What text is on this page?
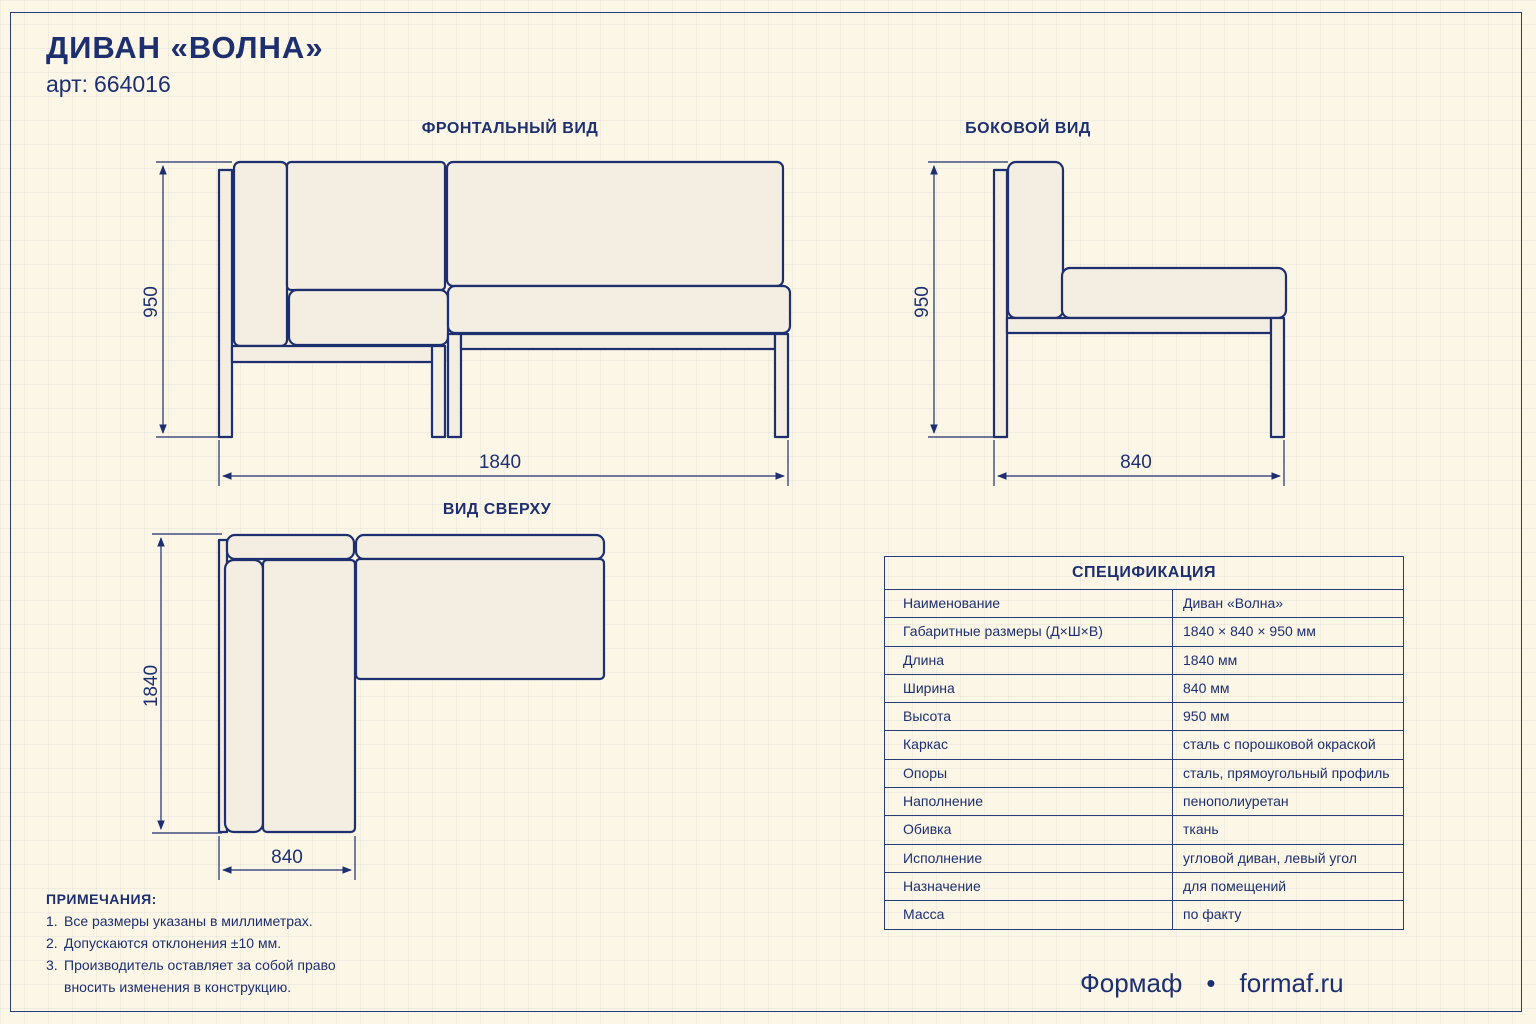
ДИВАН «ВОЛНА»
арт: 664016
ФРОНТАЛЬНЫЙ ВИД	БОКОВОЙ ВИД
ВИД СВЕРХУ
950
1840
950
840
1840
840
СПЕЦИФИКАЦИЯ
Наименование	Диван «Волна»
Габаритные размеры (Д×Ш×В)	1840 × 840 × 950 мм
Длина	1840 мм
Ширина	840 мм
Высота	950 мм
Каркас	сталь с порошковой окраской
Опоры	сталь, прямоугольный профиль
Наполнение	пенополиуретан
Обивка	ткань
Исполнение	угловой диван, левый угол
Назначение	для помещений
Масса	по факту
ПРИМЕЧАНИЯ:
1. Все размеры указаны в миллиметрах.
2. Допускаются отклонения ±10 мм.
3. Производитель оставляет за собой право
вносить изменения в конструкцию.	Формаф • formaf.ru
